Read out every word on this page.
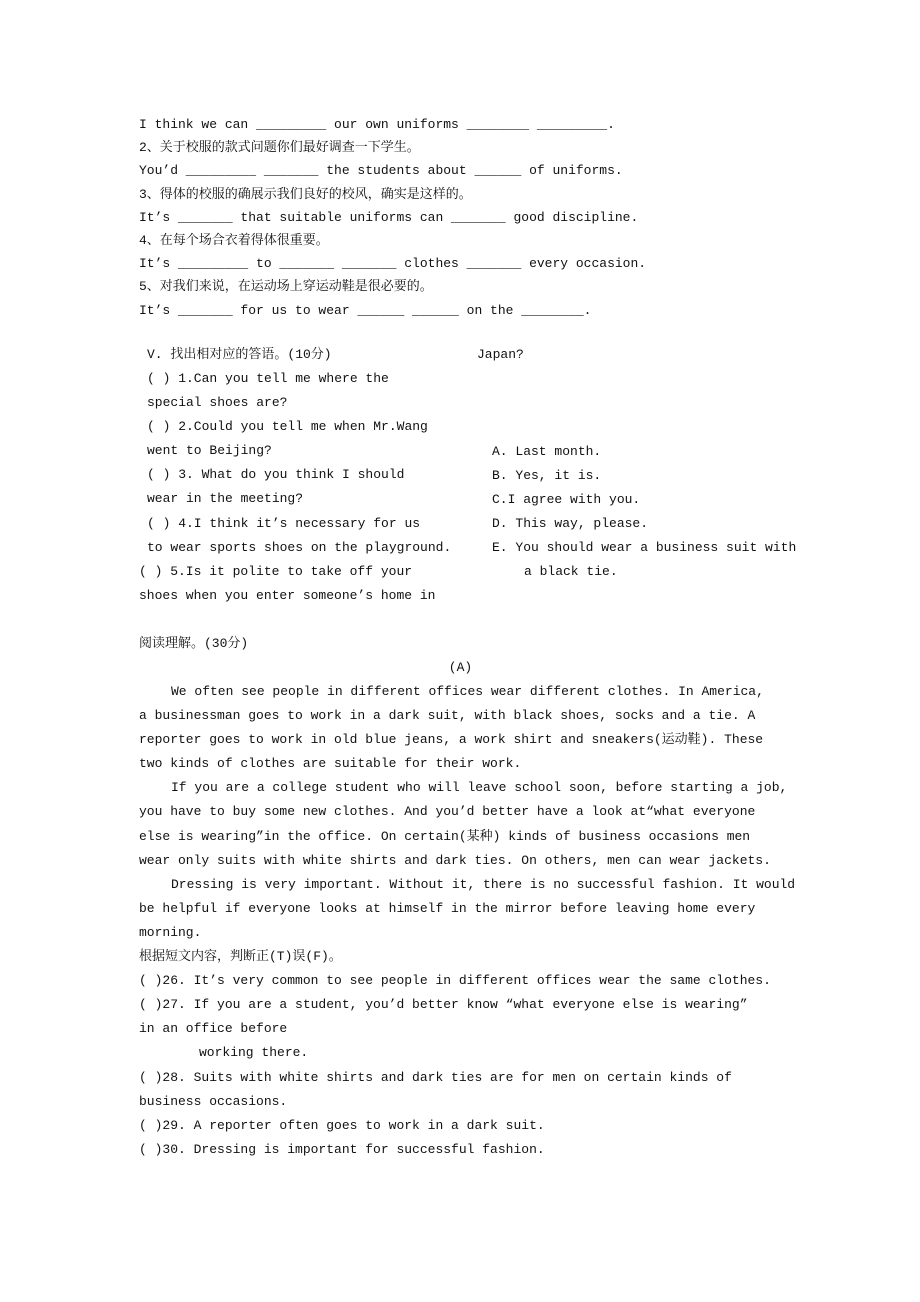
I think we can _________ our own uniforms ________ _________.
2、关于校服的款式问题你们最好调查一下学生。
You’d _________ _______ the students about ______ of uniforms.
3、得体的校服的确展示我们良好的校风，确实是这样的。
It’s _______ that suitable uniforms can _______ good discipline.
4、在每个场合衣着得体很重要。
It’s _________ to _______ _______ clothes _______ every occasion.
5、对我们来说，在运动场上穿运动鞋是很必要的。
It’s _______ for us to wear ______ ______ on the ________.
V. 找出相对应的答语。(10分)
( ) 1.Can you tell me where the
special shoes are?
( ) 2.Could you tell me when Mr.Wang
went to Beijing?
( ) 3. What do you think I should
wear in the meeting?
( ) 4.I think it’s necessary for us
to wear sports shoes on the playground.
( ) 5.Is it polite to take off your
shoes when you enter someone’s home in
Japan?
A. Last month.
B. Yes, it is.
C.I agree with you.
D. This way, please.
E. You should wear a business suit with
a black tie.
阅读理解。(30分)
(A)
We often see people in different offices wear different clothes. In America,
a businessman goes to work in a dark suit, with black shoes, socks and a tie. A
reporter goes to work in old blue jeans, a work shirt and sneakers(运动鞋). These
two kinds of clothes are suitable for their work.
If you are a college student who will leave school soon, before starting a job,
you have to buy some new clothes. And you’d better have a look at“what everyone
else is wearing”in the office. On certain(某种) kinds of business occasions men
wear only suits with white shirts and dark ties. On others, men can wear jackets.
Dressing is very important. Without it, there is no successful fashion. It would
be helpful if everyone looks at himself in the mirror before leaving home every
morning.
根据短文内容，判断正(T)误(F)。
( )26. It’s very common to see people in different offices wear the same clothes.
( )27. If you are a student, you’d better know “what everyone else is wearing”
in an office before
working there.
( )28. Suits with white shirts and dark ties are for men on certain kinds of
business occasions.
( )29. A reporter often goes to work in a dark suit.
( )30. Dressing is important for successful fashion.
